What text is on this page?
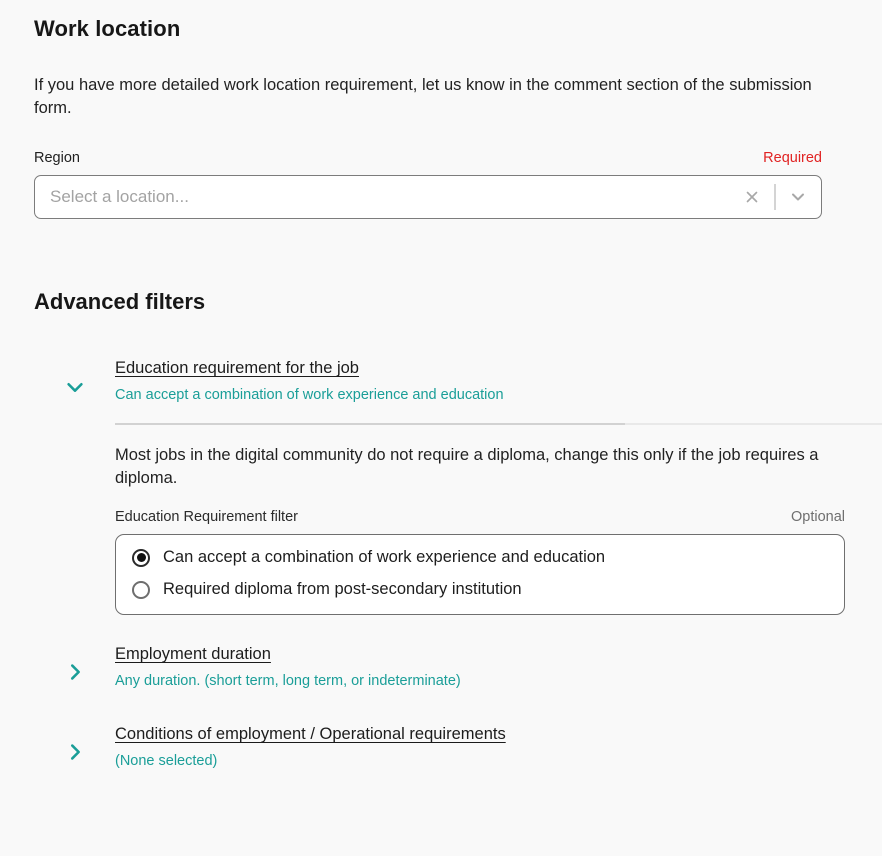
Work location

If you have more detailed work location requirement, let us know in the comment section of the submission form.

Region	Required
Select a location...
Advanced filters
Education requirement for the job
Can accept a combination of work experience and education

Most jobs in the digital community do not require a diploma, change this only if the job requires a diploma.

Education Requirement filter	Optional
Can accept a combination of work experience and education
Required diploma from post-secondary institution
Employment duration
Any duration. (short term, long term, or indeterminate)
Conditions of employment / Operational requirements
(None selected)
